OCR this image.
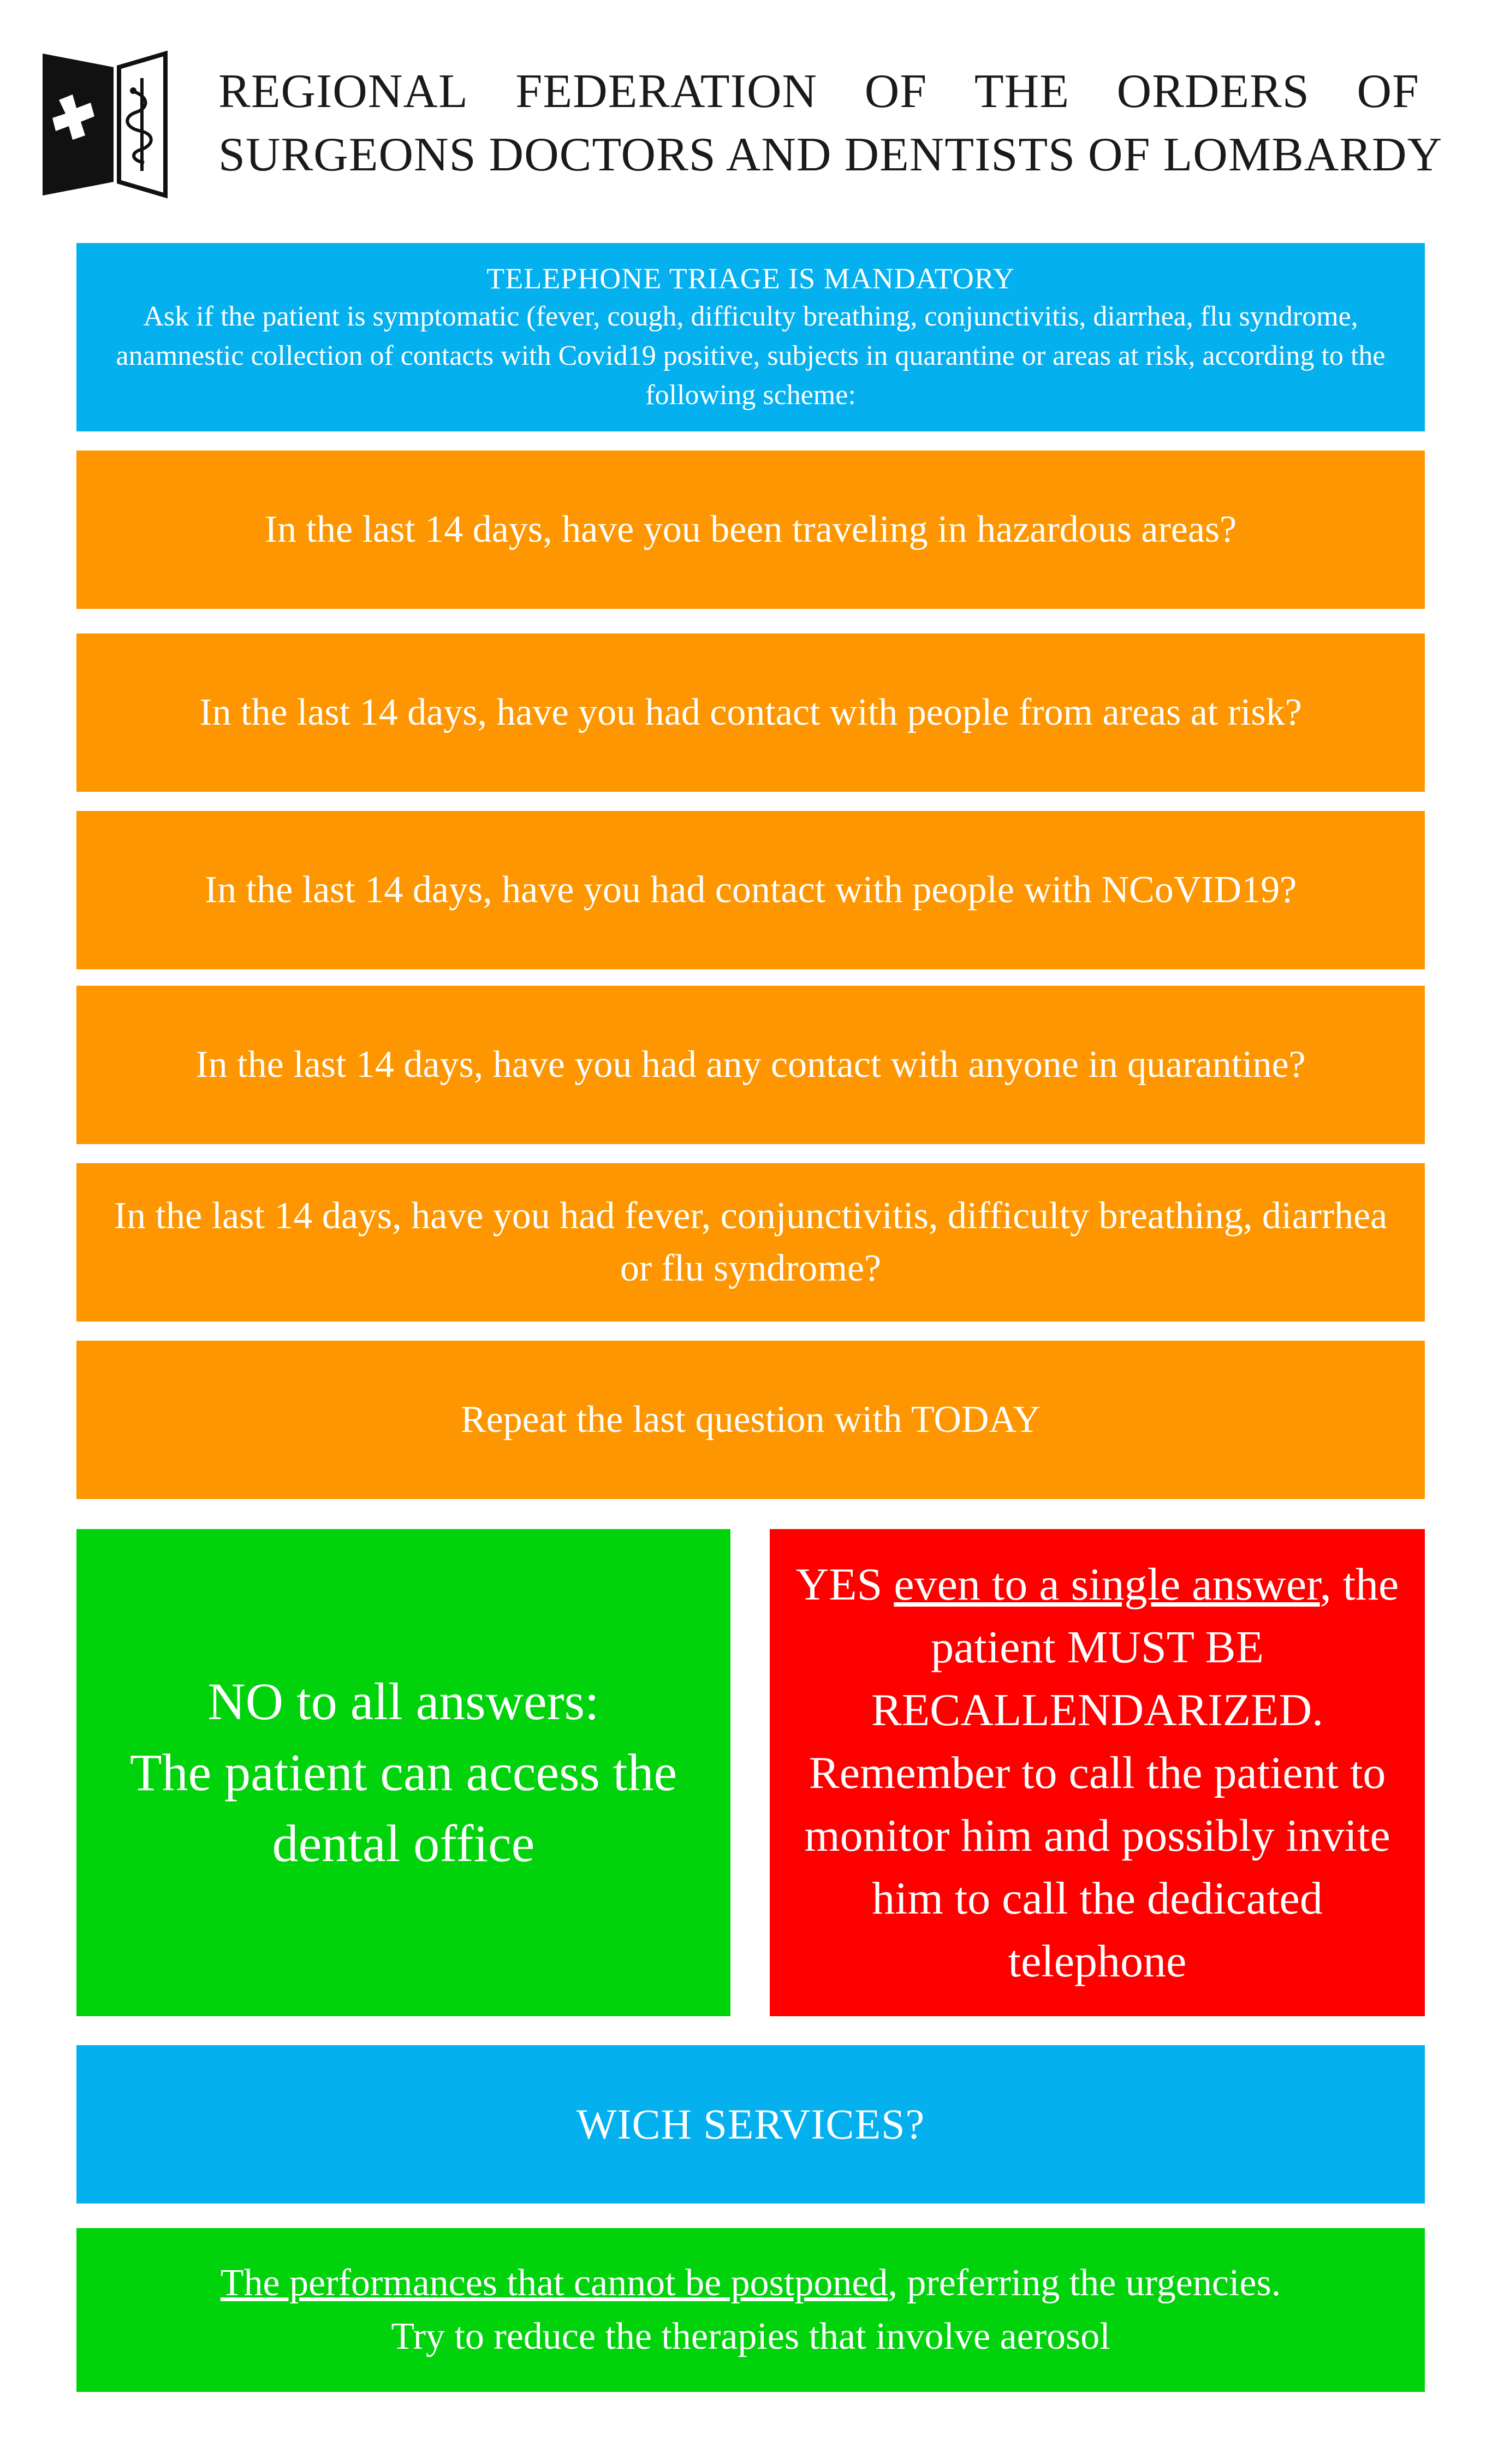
REGIONAL FEDERATION OF THE ORDERS OF
SURGEONS DOCTORS AND DENTISTS OF LOMBARDY
TELEPHONE TRIAGE IS MANDATORY
Ask if the patient is symptomatic (fever, cough, difficulty breathing, conjunctivitis, diarrhea, flu syndrome, anamnestic collection of contacts with Covid19 positive, subjects in quarantine or areas at risk, according to the following scheme:
In the last 14 days, have you been traveling in hazardous areas?
In the last 14 days, have you had contact with people from areas at risk?
In the last 14 days, have you had contact with people with NCoVID19?
In the last 14 days, have you had any contact with anyone in quarantine?
In the last 14 days, have you had fever, conjunctivitis, difficulty breathing, diarrhea or flu syndrome?
Repeat the last question with TODAY
NO to all answers:
The patient can access the dental office
YES even to a single answer, the patient MUST BE RECALLENDARIZED. Remember to call the patient to monitor him and possibly invite him to call the dedicated telephone
WICH SERVICES?
The performances that cannot be postponed, preferring the urgencies.
Try to reduce the therapies that involve aerosol
